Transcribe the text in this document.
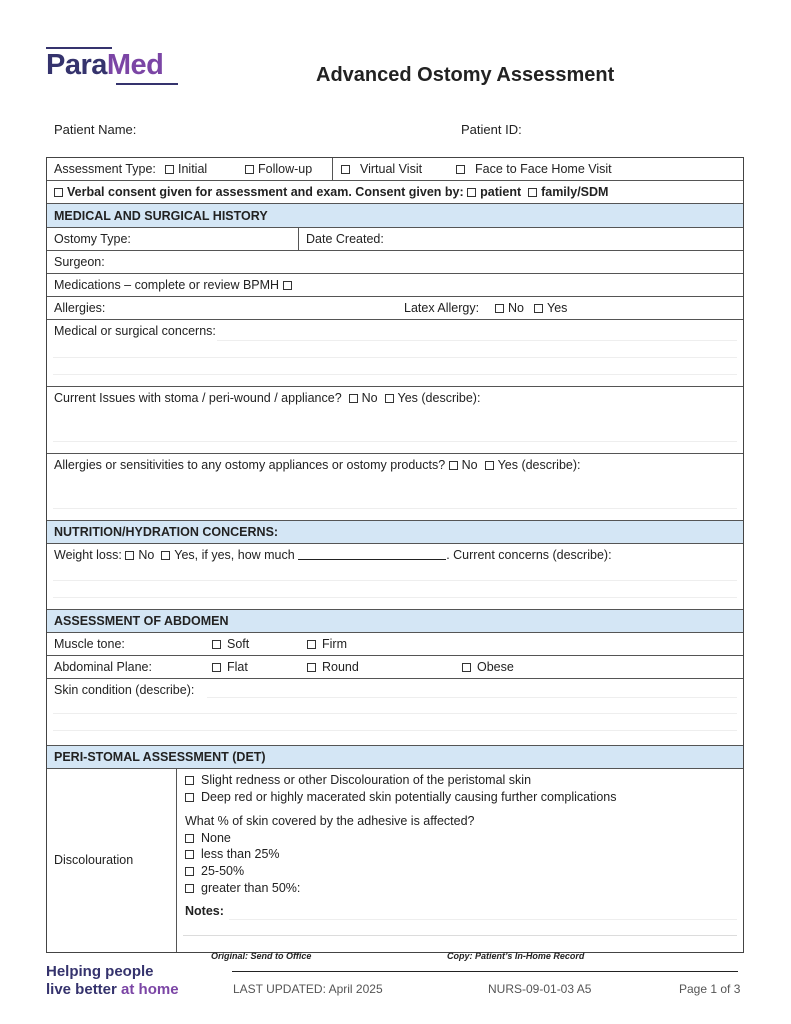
ParaMed	Advanced Ostomy Assessment
Patient Name:	Patient ID:
Assessment Type:	Initial	Follow-up	Virtual Visit	Face to Face Home Visit
Verbal consent given for assessment and exam. Consent given by: patient family/SDM
MEDICAL AND SURGICAL HISTORY
Ostomy Type:	Date Created:
Surgeon:
Medications – complete or review BPMH
Allergies:	Latex Allergy:	No	Yes
Medical or surgical concerns:
Current Issues with stoma / peri-wound / appliance? No Yes (describe):
Allergies or sensitivities to any ostomy appliances or ostomy products? No Yes (describe):
NUTRITION/HYDRATION CONCERNS:
Weight loss: No Yes, if yes, how much	. Current concerns (describe):
ASSESSMENT OF ABDOMEN
Muscle tone:	Soft	Firm
Abdominal Plane:	Flat	Round	Obese
Skin condition (describe):
PERI-STOMAL ASSESSMENT (DET)
Discolouration
Slight redness or other Discolouration of the peristomal skin
Deep red or highly macerated skin potentially causing further complications
What % of skin covered by the adhesive is affected?
None
less than 25%
25-50%
greater than 50%:
Notes:
Original: Send to Office	Copy: Patient’s In-Home Record
Helping people
live better at home	LAST UPDATED: April 2025	NURS-09-01-03 A5	Page 1 of 3
